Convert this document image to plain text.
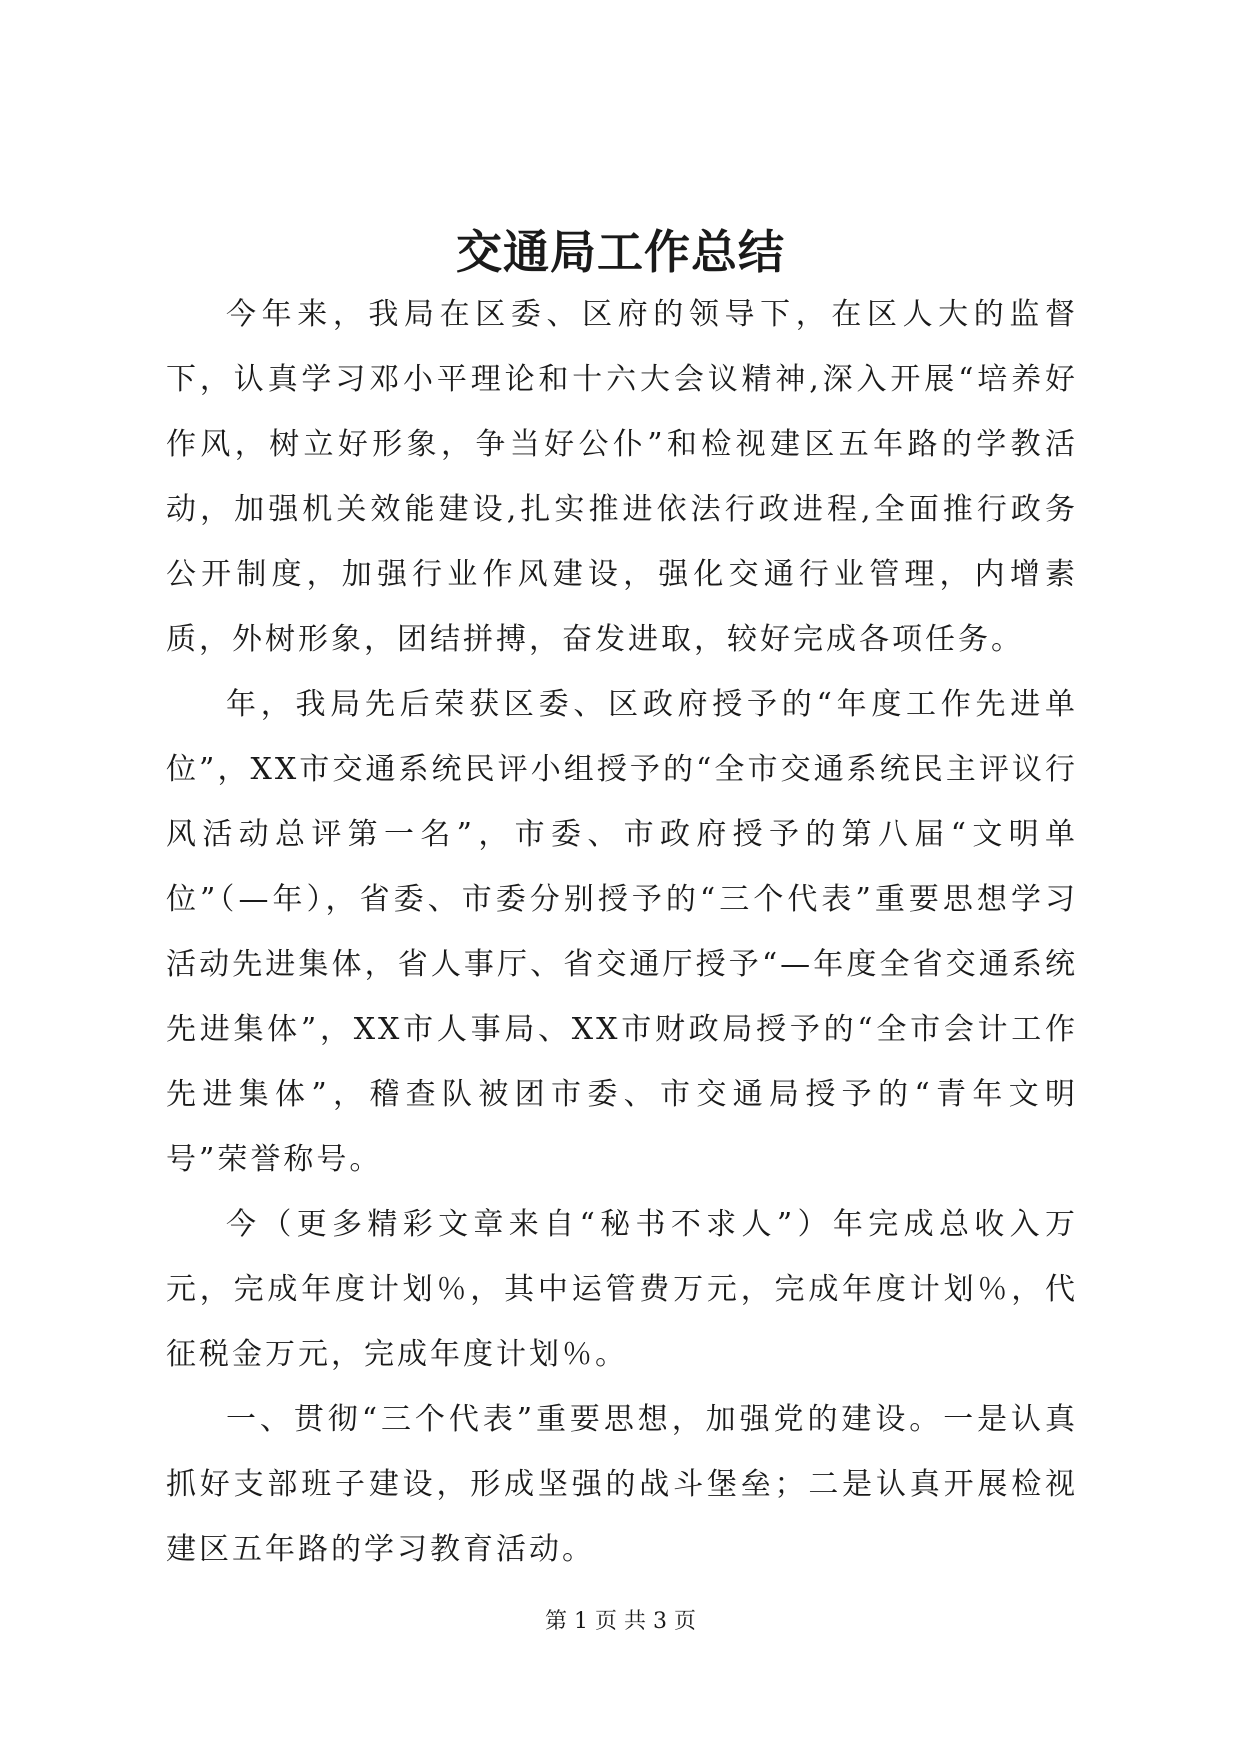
交通局工作总结

今年来，我局在区委、区府的领导下，在区人大的监督下，认真学习邓小平理论和十六大会议精神,深入开展“培养好作风，树立好形象，争当好公仆”和检视建区五年路的学教活动，加强机关效能建设,扎实推进依法行政进程,全面推行政务公开制度，加强行业作风建设，强化交通行业管理，内增素质，外树形象，团结拼搏，奋发进取，较好完成各项任务。

年，我局先后荣获区委、区政府授予的“年度工作先进单位”，XX市交通系统民评小组授予的“全市交通系统民主评议行风活动总评第一名”，市委、市政府授予的第八届“文明单位”（—年），省委、市委分别授予的“三个代表”重要思想学习活动先进集体，省人事厅、省交通厅授予“—年度全省交通系统先进集体”，XX市人事局、XX市财政局授予的“全市会计工作先进集体”，稽查队被团市委、市交通局授予的“青年文明号”荣誉称号。

今（更多精彩文章来自“秘书不求人”）年完成总收入万元，完成年度计划％，其中运管费万元，完成年度计划％，代征税金万元，完成年度计划％。

一、贯彻“三个代表”重要思想，加强党的建设。一是认真抓好支部班子建设，形成坚强的战斗堡垒；二是认真开展检视建区五年路的学习教育活动。

第 1 页 共 3 页
